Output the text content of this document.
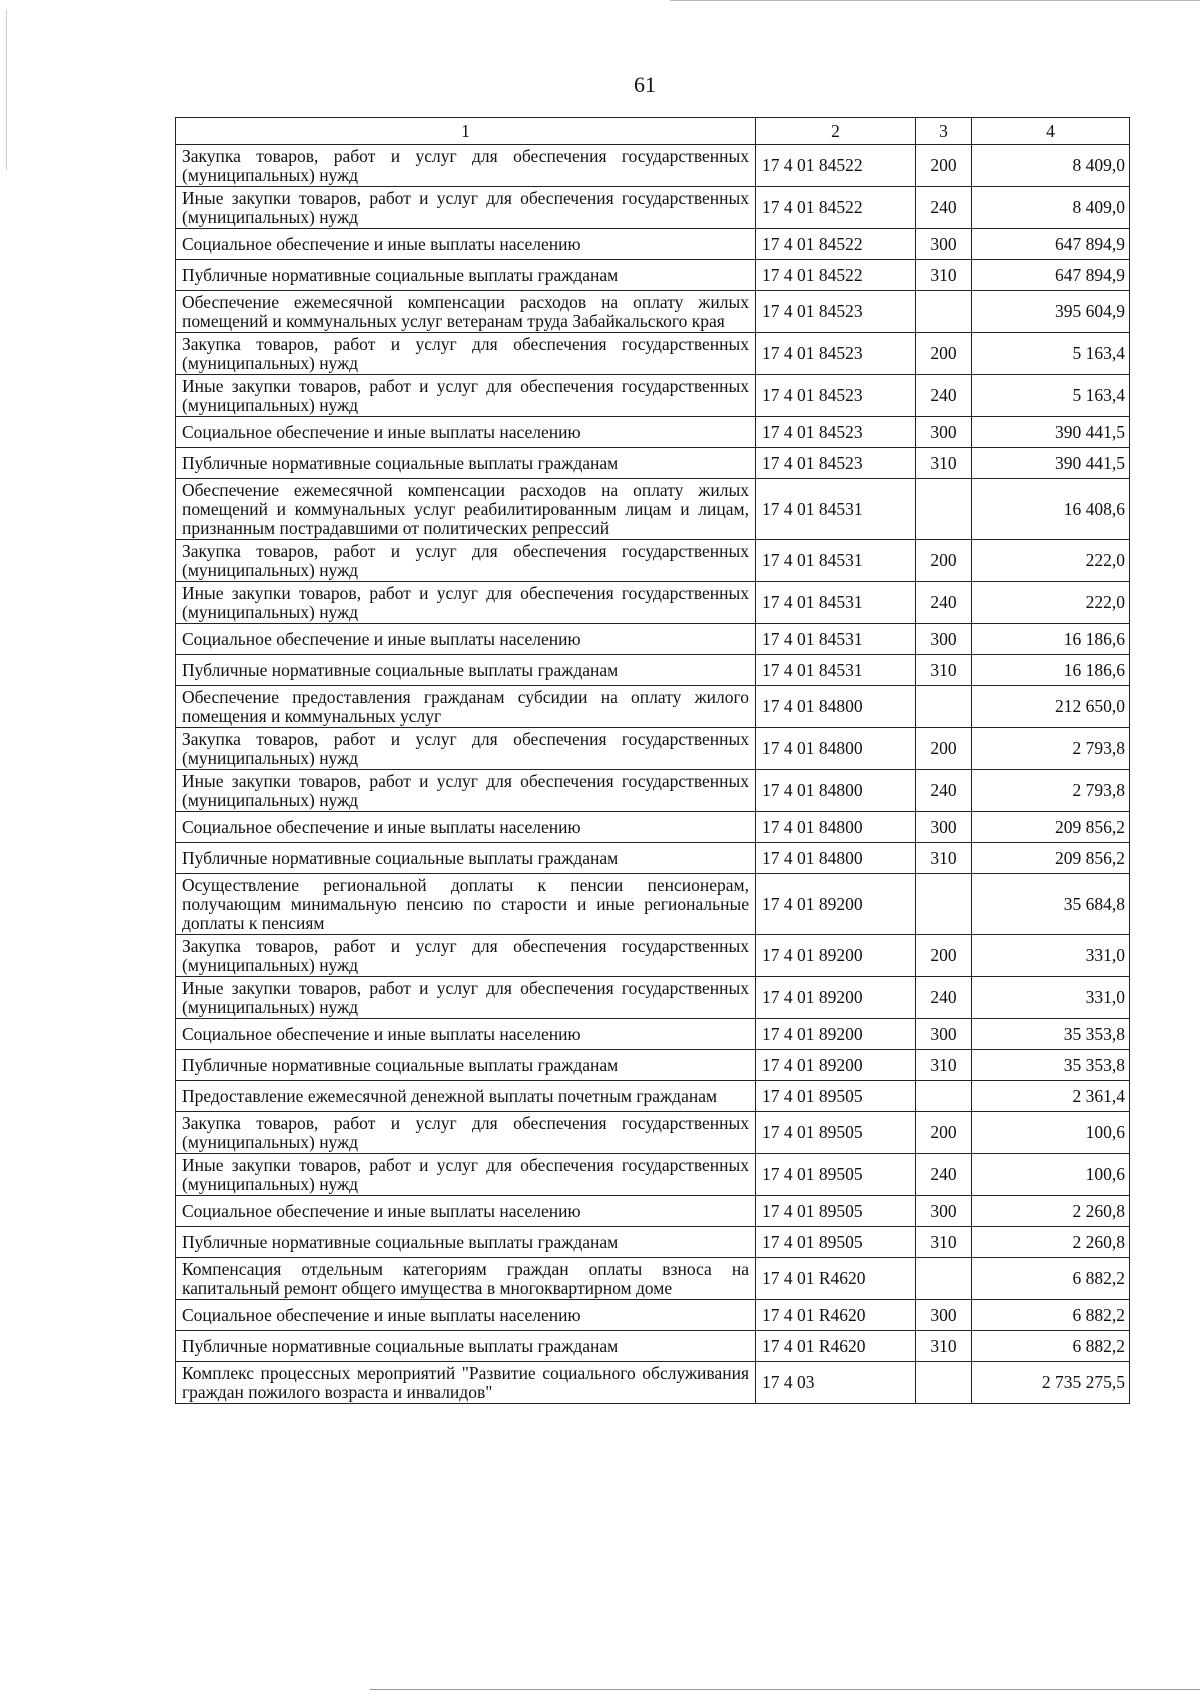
61
1	2	3	4
Закупка товаров, работ и услуг для обеспечения государственных (муниципальных) нужд	17 4 01 84522	200	8 409,0
Иные закупки товаров, работ и услуг для обеспечения государственных (муниципальных) нужд	17 4 01 84522	240	8 409,0
Социальное обеспечение и иные выплаты населению	17 4 01 84522	300	647 894,9
Публичные нормативные социальные выплаты гражданам	17 4 01 84522	310	647 894,9
Обеспечение ежемесячной компенсации расходов на оплату жилых помещений и коммунальных услуг ветеранам труда Забайкальского края	17 4 01 84523		395 604,9
Закупка товаров, работ и услуг для обеспечения государственных (муниципальных) нужд	17 4 01 84523	200	5 163,4
Иные закупки товаров, работ и услуг для обеспечения государственных (муниципальных) нужд	17 4 01 84523	240	5 163,4
Социальное обеспечение и иные выплаты населению	17 4 01 84523	300	390 441,5
Публичные нормативные социальные выплаты гражданам	17 4 01 84523	310	390 441,5
Обеспечение ежемесячной компенсации расходов на оплату жилых помещений и коммунальных услуг реабилитированным лицам и лицам, признанным пострадавшими от политических репрессий	17 4 01 84531		16 408,6
Закупка товаров, работ и услуг для обеспечения государственных (муниципальных) нужд	17 4 01 84531	200	222,0
Иные закупки товаров, работ и услуг для обеспечения государственных (муниципальных) нужд	17 4 01 84531	240	222,0
Социальное обеспечение и иные выплаты населению	17 4 01 84531	300	16 186,6
Публичные нормативные социальные выплаты гражданам	17 4 01 84531	310	16 186,6
Обеспечение предоставления гражданам субсидии на оплату жилого помещения и коммунальных услуг	17 4 01 84800		212 650,0
Закупка товаров, работ и услуг для обеспечения государственных (муниципальных) нужд	17 4 01 84800	200	2 793,8
Иные закупки товаров, работ и услуг для обеспечения государственных (муниципальных) нужд	17 4 01 84800	240	2 793,8
Социальное обеспечение и иные выплаты населению	17 4 01 84800	300	209 856,2
Публичные нормативные социальные выплаты гражданам	17 4 01 84800	310	209 856,2
Осуществление региональной доплаты к пенсии пенсионерам, получающим минимальную пенсию по старости и иные региональные доплаты к пенсиям	17 4 01 89200		35 684,8
Закупка товаров, работ и услуг для обеспечения государственных (муниципальных) нужд	17 4 01 89200	200	331,0
Иные закупки товаров, работ и услуг для обеспечения государственных (муниципальных) нужд	17 4 01 89200	240	331,0
Социальное обеспечение и иные выплаты населению	17 4 01 89200	300	35 353,8
Публичные нормативные социальные выплаты гражданам	17 4 01 89200	310	35 353,8
Предоставление ежемесячной денежной выплаты почетным гражданам	17 4 01 89505		2 361,4
Закупка товаров, работ и услуг для обеспечения государственных (муниципальных) нужд	17 4 01 89505	200	100,6
Иные закупки товаров, работ и услуг для обеспечения государственных (муниципальных) нужд	17 4 01 89505	240	100,6
Социальное обеспечение и иные выплаты населению	17 4 01 89505	300	2 260,8
Публичные нормативные социальные выплаты гражданам	17 4 01 89505	310	2 260,8
Компенсация отдельным категориям граждан оплаты взноса на капитальный ремонт общего имущества в многоквартирном доме	17 4 01 R4620		6 882,2
Социальное обеспечение и иные выплаты населению	17 4 01 R4620	300	6 882,2
Публичные нормативные социальные выплаты гражданам	17 4 01 R4620	310	6 882,2
Комплекс процессных мероприятий "Развитие социального обслуживания граждан пожилого возраста и инвалидов"	17 4 03		2 735 275,5
